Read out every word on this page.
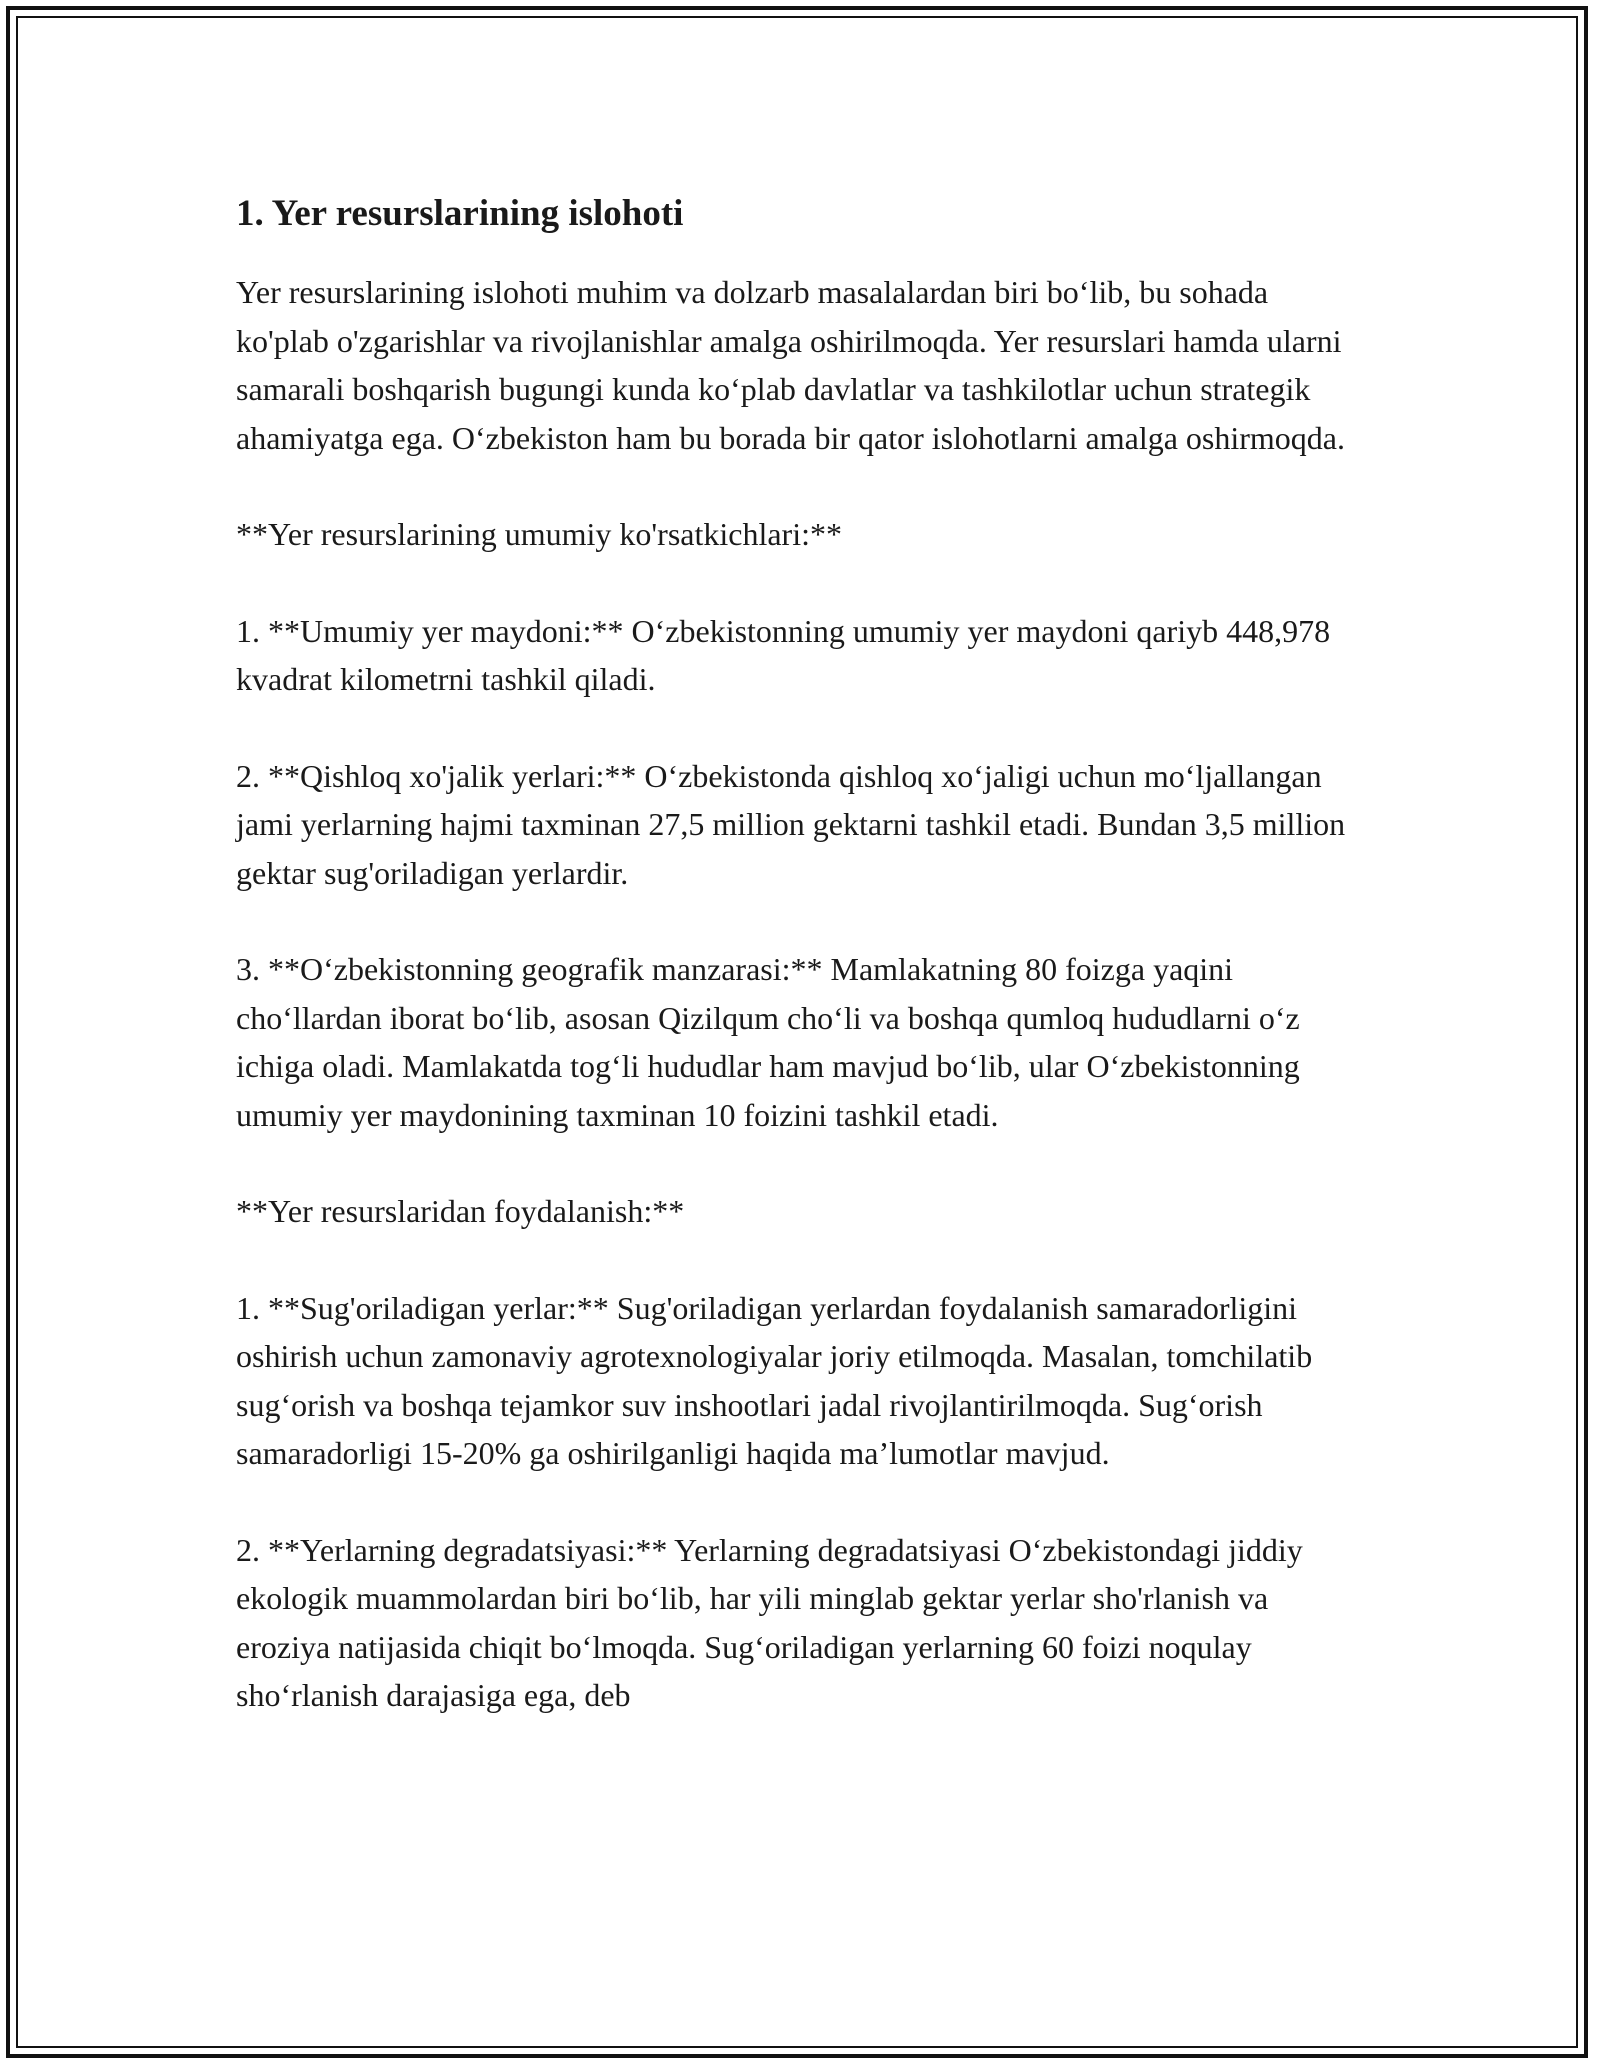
1. Yer resurslarining islohoti

Yer resurslarining islohoti muhim va dolzarb masalalardan biri bo‘lib, bu sohada ko'plab o'zgarishlar va rivojlanishlar amalga oshirilmoqda. Yer resurslari hamda ularni samarali boshqarish bugungi kunda ko‘plab davlatlar va tashkilotlar uchun strategik ahamiyatga ega. O‘zbekiston ham bu borada bir qator islohotlarni amalga oshirmoqda.

**Yer resurslarining umumiy ko'rsatkichlari:**

1. **Umumiy yer maydoni:** O‘zbekistonning umumiy yer maydoni qariyb 448,978 kvadrat kilometrni tashkil qiladi.

2. **Qishloq xo'jalik yerlari:** O‘zbekistonda qishloq xo‘jaligi uchun mo‘ljallangan jami yerlarning hajmi taxminan 27,5 million gektarni tashkil etadi. Bundan 3,5 million gektar sug'oriladigan yerlardir.

3. **O‘zbekistonning geografik manzarasi:** Mamlakatning 80 foizga yaqini cho‘llardan iborat bo‘lib, asosan Qizilqum cho‘li va boshqa qumloq hududlarni o‘z ichiga oladi. Mamlakatda tog‘li hududlar ham mavjud bo‘lib, ular O‘zbekistonning umumiy yer maydonining taxminan 10 foizini tashkil etadi.

**Yer resurslaridan foydalanish:**

1. **Sug'oriladigan yerlar:** Sug'oriladigan yerlardan foydalanish samaradorligini oshirish uchun zamonaviy agrotexnologiyalar joriy etilmoqda. Masalan, tomchilatib sug‘orish va boshqa tejamkor suv inshootlari jadal rivojlantirilmoqda. Sug‘orish samaradorligi 15-20% ga oshirilganligi haqida ma’lumotlar mavjud.

2. **Yerlarning degradatsiyasi:** Yerlarning degradatsiyasi O‘zbekistondagi jiddiy ekologik muammolardan biri bo‘lib, har yili minglab gektar yerlar sho'rlanish va eroziya natijasida chiqit bo‘lmoqda. Sug‘oriladigan yerlarning 60 foizi noqulay sho‘rlanish darajasiga ega, deb
